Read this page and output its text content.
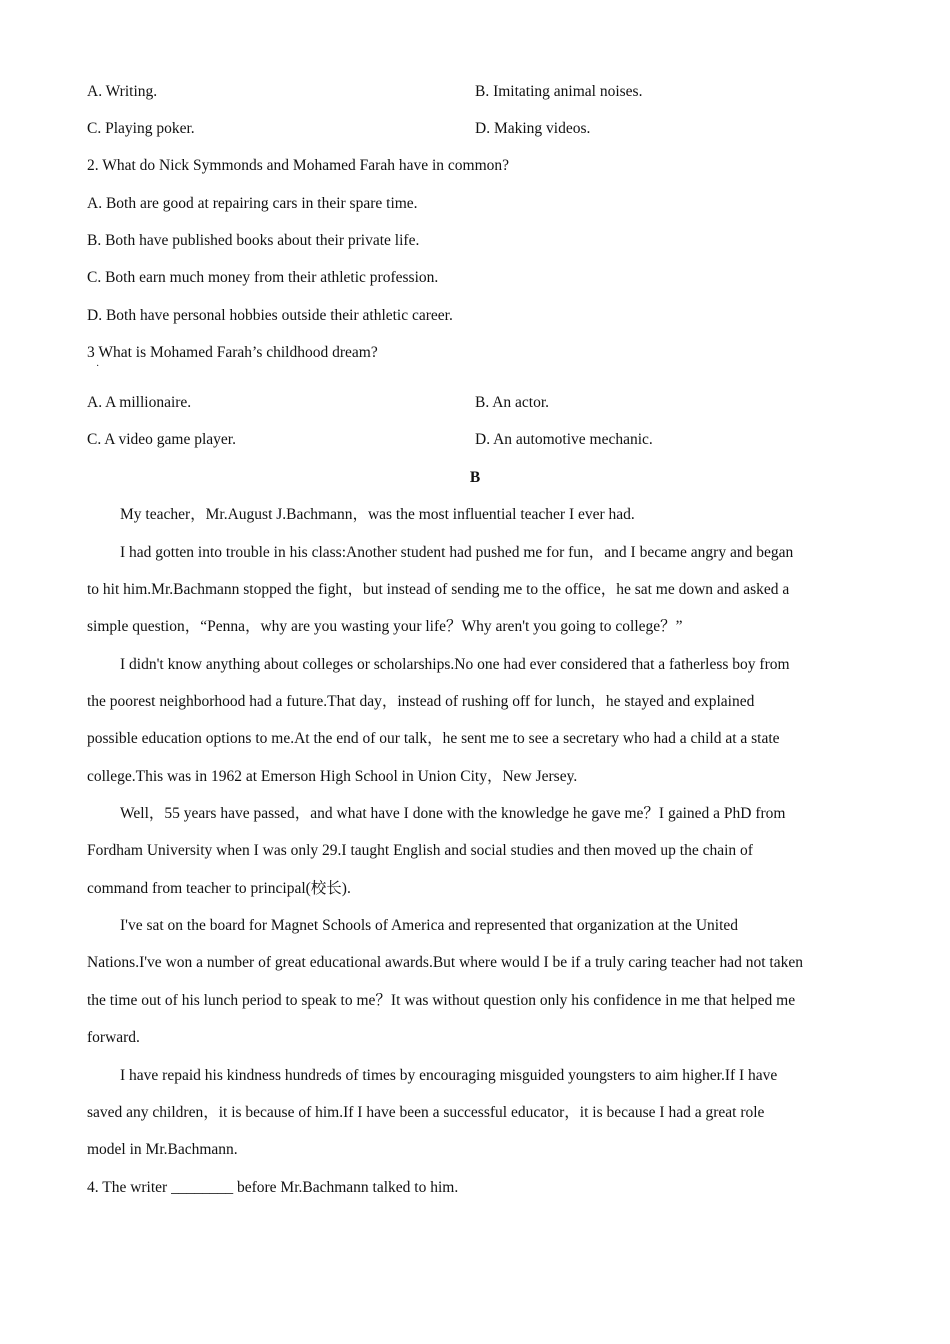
A. Writing.	B. Imitating animal noises.
C. Playing poker.	D. Making videos.
2. What do Nick Symmonds and Mohamed Farah have in common?
A. Both are good at repairing cars in their spare time.
B. Both have published books about their private life.
C. Both earn much money from their athletic profession.
D. Both have personal hobbies outside their athletic career.
3 What is Mohamed Farah’s childhood dream?
·
A. A millionaire.	B. An actor.
C. A video game player.	D. An automotive mechanic.
B
My teacher，Mr.August J.Bachmann，was the most influential teacher I ever had.
I had gotten into trouble in his class:Another student had pushed me for fun，and I became angry and began
to hit him.Mr.Bachmann stopped the fight，but instead of sending me to the office，he sat me down and asked a
simple question，“Penna，why are you wasting your life？Why aren't you going to college？”
I didn't know anything about colleges or scholarships.No one had ever considered that a fatherless boy from
the poorest neighborhood had a future.That day，instead of rushing off for lunch，he stayed and explained
possible education options to me.At the end of our talk，he sent me to see a secretary who had a child at a state
college.This was in 1962 at Emerson High School in Union City，New Jersey.
Well，55 years have passed，and what have I done with the knowledge he gave me？I gained a PhD from
Fordham University when I was only 29.I taught English and social studies and then moved up the chain of
command from teacher to principal(校长).
I've sat on the board for Magnet Schools of America and represented that organization at the United
Nations.I've won a number of great educational awards.But where would I be if a truly caring teacher had not taken
the time out of his lunch period to speak to me？It was without question only his confidence in me that helped me
forward.
I have repaid his kindness hundreds of times by encouraging misguided youngsters to aim higher.If I have
saved any children，it is because of him.If I have been a successful educator，it is because I had a great role
model in Mr.Bachmann.
4. The writer ________ before Mr.Bachmann talked to him.
